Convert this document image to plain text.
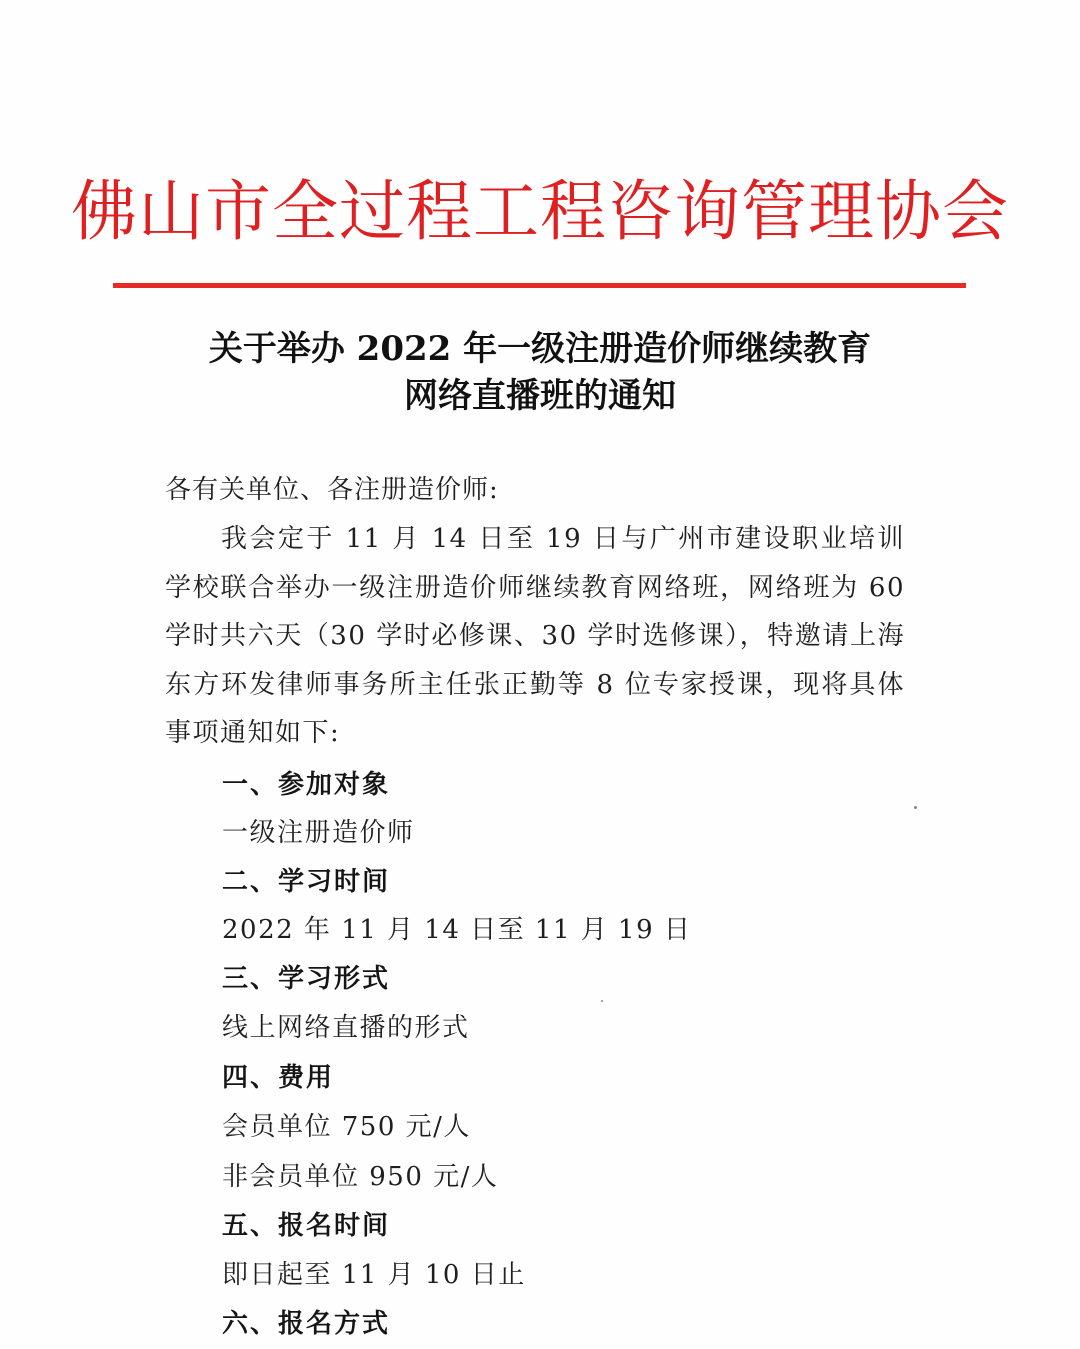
佛山市全过程工程咨询管理协会
关于举办 2022 年一级注册造价师继续教育
网络直播班的通知
各有关单位、各注册造价师:
我会定于 11 月 14 日至 19 日与广州市建设职业培训学校联合举办一级注册造价师继续教育网络班，网络班为 60 学时共六天（30 学时必修课、30 学时选修课），特邀请上海东方环发律师事务所主任张正勤等 8 位专家授课，现将具体事项通知如下:
一、参加对象
一级注册造价师
二、学习时间
2022 年 11 月 14 日至 11 月 19 日
三、学习形式
线上网络直播的形式
四、费用
会员单位 750 元/人
非会员单位 950 元/人
五、报名时间
即日起至 11 月 10 日止
六、报名方式
